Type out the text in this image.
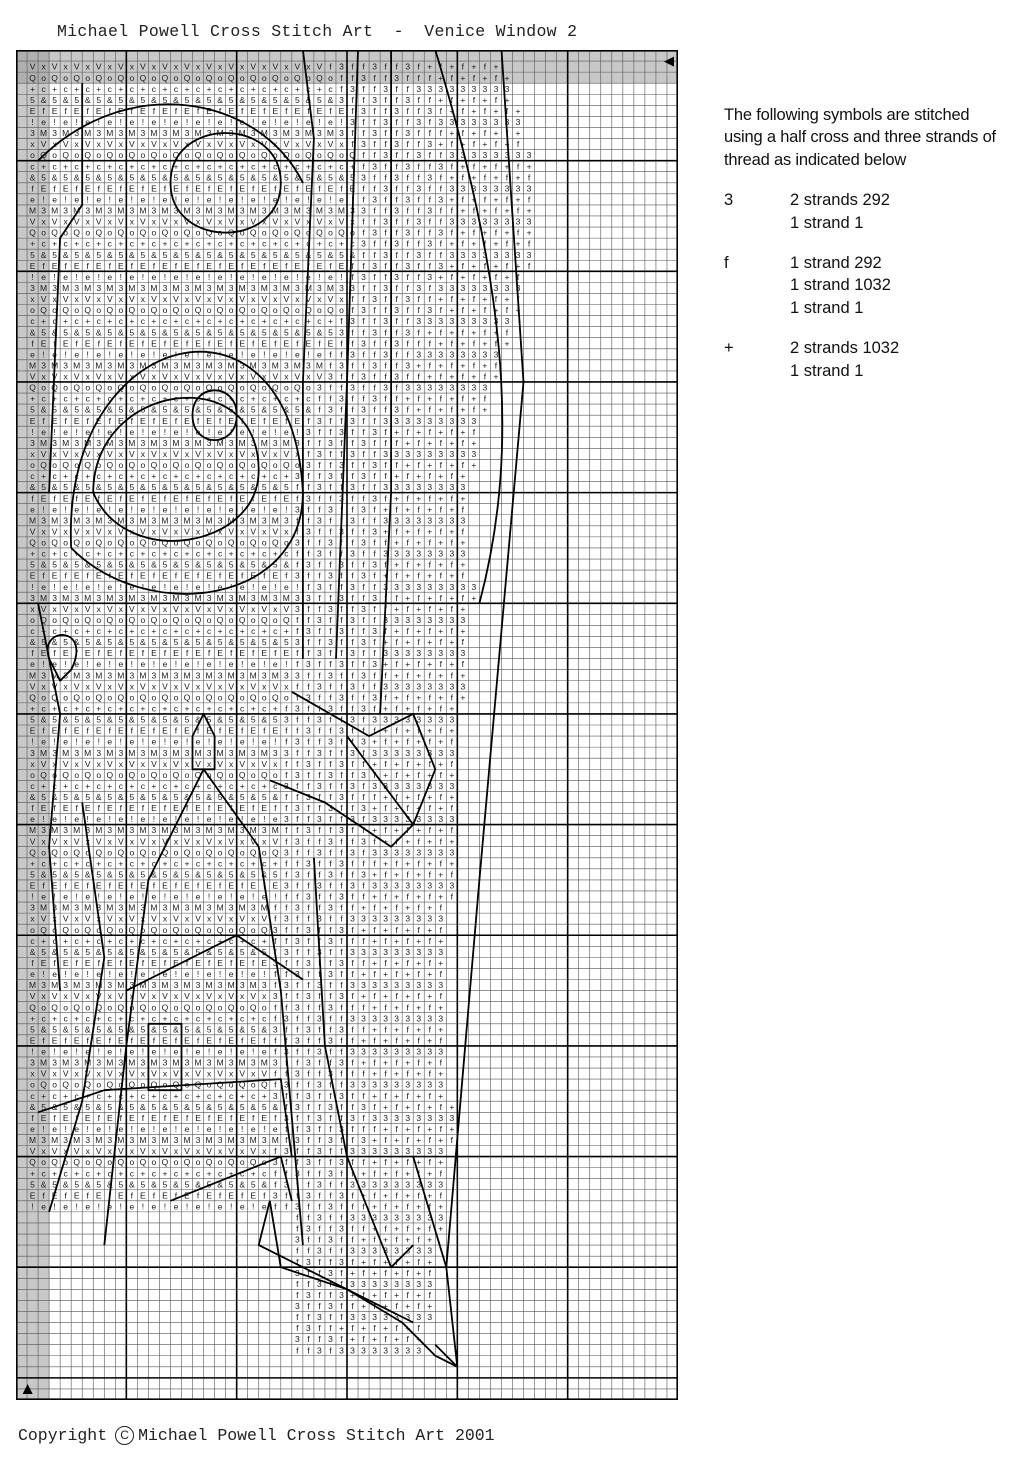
Michael Powell Cross Stitch Art - Venice Window 2
V x V x V x V x V x V x V x V x V x V x V x V x V x V f 3 f f 3 f f 3 f + f + f + f +
Q o Q o Q o Q o Q o Q o Q o Q o Q o Q o Q o Q o Q o Q o f f 3 f f 3 f f f + f + f + f +
+ c + c + c + c + c + c + c + c + c + c + c + c + c + c f 3 f f 3 f f 3 3 3 3 3 3 3 3 3
5 & 5 & 5 & 5 & 5 & 5 & 5 & 5 & 5 & 5 & 5 & 5 & 5 & 5 & 3 f f 3 f f 3 f f + f + f + f +
E f E f E f E f E f E f E f E f E f E f E f E f E f E f E f 3 f f 3 f f 3 f + f + f + f +
! e ! e ! e ! e ! e ! e ! e ! e ! e ! e ! e ! e ! e ! e ! 3 f f 3 f f 3 f 3 3 3 3 3 3 3 3
3 M 3 M 3 M 3 M 3 M 3 M 3 M 3 M 3 M 3 M 3 M 3 M 3 M 3 M 3 f f 3 f f 3 f f f + f + f + f +
x V x V x V x V x V x V x V x V x V x V x V x V x V x V x f 3 f f 3 f f 3 + f + f + f + f
o Q o Q o Q o Q o Q o Q o Q o Q o Q o Q o Q o Q o Q o Q o Q f f 3 f f 3 f f 3 3 3 3 3 3 3 3
c + c + c + c + c + c + c + c + c + c + c + c + c + c + c + f 3 f f 3 f f 3 f + f + f + f +
& 5 & 5 & 5 & 5 & 5 & 5 & 5 & 5 & 5 & 5 & 5 & 5 & 5 & 5 & 5 3 f f 3 f f 3 f + f + f + f + f
f E f E f E f E f E f E f E f E f E f E f E f E f E f E f E f f 3 f f 3 f f 3 3 3 3 3 3 3 3
e ! e ! e ! e ! e ! e ! e ! e ! e ! e ! e ! e ! e ! e ! e ! f 3 f f 3 f f 3 + f + f + f + f
M 3 M 3 M 3 M 3 M 3 M 3 M 3 M 3 M 3 M 3 M 3 M 3 M 3 M 3 M 3 3 f f 3 f f 3 f f + f + f + f +
V x V x V x V x V x V x V x V x V x V x V x V x V x V x V x f f 3 f f 3 f f 3 3 3 3 3 3 3 3
Q o Q o Q o Q o Q o Q o Q o Q o Q o Q o Q o Q o Q o Q o Q o f 3 f f 3 f f 3 f + f + f + f +
+ c + c + c + c + c + c + c + c + c + c + c + c + c + c + c 3 f f 3 f f 3 f + f + f + f + f
5 & 5 & 5 & 5 & 5 & 5 & 5 & 5 & 5 & 5 & 5 & 5 & 5 & 5 & 5 & f f 3 f f 3 f f 3 3 3 3 3 3 3 3
E f E f E f E f E f E f E f E f E f E f E f E f E f E f E f f 3 f f 3 f f 3 + f + f + f + f
! e ! e ! e ! e ! e ! e ! e ! e ! e ! e ! e ! e ! e ! e ! f 3 f f 3 f f 3 + f + f + f + f
3 M 3 M 3 M 3 M 3 M 3 M 3 M 3 M 3 M 3 M 3 M 3 M 3 M 3 M 3 3 f f 3 f f 3 f 3 3 3 3 3 3 3 3
x V x V x V x V x V x V x V x V x V x V x V x V x V x V x f f 3 f f 3 f f + f + f + f + f
o Q o Q o Q o Q o Q o Q o Q o Q o Q o Q o Q o Q o Q o Q o f 3 f f 3 f f 3 f + f + f + f +
c + c + c + c + c + c + c + c + c + c + c + c + c + c + f 3 f f 3 f f 3 3 3 3 3 3 3 3 3
& 5 & 5 & 5 & 5 & 5 & 5 & 5 & 5 & 5 & 5 & 5 & 5 & 5 & 5 3 f f 3 f f 3 f + f + f + f + f
f E f E f E f E f E f E f E f E f E f E f E f E f E f E f f 3 f f 3 f f f + f + f + f +
e ! e ! e ! e ! e ! e ! e ! e ! e ! e ! e ! e ! e ! e f f 3 f f 3 f f 3 3 3 3 3 3 3 3
M 3 M 3 M 3 M 3 M 3 M 3 M 3 M 3 M 3 M 3 M 3 M 3 M 3 M f 3 f f 3 f f 3 + f + f + f + f
V x V x V x V x V x V x V x V x V x V x V x V x V x V 3 f f 3 f f 3 f f + f + f + f +
Q o Q o Q o Q o Q o Q o Q o Q o Q o Q o Q o Q o Q o 3 f f 3 f f 3 f 3 3 3 3 3 3 3 3
+ c + c + c + c + c + c + c + c + c + c + c + c + c f f 3 f f 3 f f + f + f + f + f
5 & 5 & 5 & 5 & 5 & 5 & 5 & 5 & 5 & 5 & 5 & 5 & 5 & f 3 f f 3 f f 3 f + f + f + f +
E f E f E f E f E f E f E f E f E f E f E f E f E f 3 f f 3 f f 3 3 3 3 3 3 3 3 3
! e ! e ! e ! e ! e ! e ! e ! e ! e ! e ! e ! e ! 3 f f 3 f f 3 f + f + f + f + f
3 M 3 M 3 M 3 M 3 M 3 M 3 M 3 M 3 M 3 M 3 M 3 M 3 f f 3 f f 3 f f f + f + f + f +
x V x V x V x V x V x V x V x V x V x V x V x V x f 3 f f 3 f f 3 3 3 3 3 3 3 3 3
o Q o Q o Q o Q o Q o Q o Q o Q o Q o Q o Q o Q o 3 f f 3 f f 3 f f + f + f + f +
c + c + c + c + c + c + c + c + c + c + c + c + 3 f f 3 f f 3 f f + f + f + f +
& 5 & 5 & 5 & 5 & 5 & 5 & 5 & 5 & 5 & 5 & 5 & 5 f f 3 f f 3 f f 3 3 3 3 3 3 3 3
f E f E f E f E f E f E f E f E f E f E f E f E f 3 f f 3 f f 3 f + f + f + f +
e ! e ! e ! e ! e ! e ! e ! e ! e ! e ! e ! e ! 3 f f 3 f f 3 f + f + f + f + f
M 3 M 3 M 3 M 3 M 3 M 3 M 3 M 3 M 3 M 3 M 3 M 3 f f 3 f f 3 f f 3 3 3 3 3 3 3 3
V x V x V x V x V x V x V x V x V x V x V x V x f 3 f f 3 f f 3 + f + f + f + f
Q o Q o Q o Q o Q o Q o Q o Q o Q o Q o Q o Q o 3 f f 3 f f 3 f f + f + f + f +
+ c + c + c + c + c + c + c + c + c + c + c + c f f 3 f f 3 f f 3 3 3 3 3 3 3 3
5 & 5 & 5 & 5 & 5 & 5 & 5 & 5 & 5 & 5 & 5 & 5 & f 3 f f 3 f f 3 f + f + f + f +
E f E f E f E f E f E f E f E f E f E f E f E f 3 f f 3 f f 3 f + f + f + f + f
! e ! e ! e ! e ! e ! e ! e ! e ! e ! e ! e ! e ! f 3 f f 3 f f 3 3 3 3 3 3 3 3 3
3 M 3 M 3 M 3 M 3 M 3 M 3 M 3 M 3 M 3 M 3 M 3 M 3 3 f f 3 f f 3 f f + f + f + f +
x V x V x V x V x V x V x V x V x V x V x V x V 3 f f 3 f f 3 f f + f + f + f +
o Q o Q o Q o Q o Q o Q o Q o Q o Q o Q o Q o Q f f 3 f f 3 f f 3 3 3 3 3 3 3 3
c + c + c + c + c + c + c + c + c + c + c + c + f 3 f f 3 f f 3 f + f + f + f +
& 5 & 5 & 5 & 5 & 5 & 5 & 5 & 5 & 5 & 5 & 5 & 5 3 f f 3 f f 3 f + f + f + f + f
f E f E f E f E f E f E f E f E f E f E f E f E f f 3 f f 3 f f 3 3 3 3 3 3 3 3
e ! e ! e ! e ! e ! e ! e ! e ! e ! e ! e ! e ! f 3 f f 3 f f 3 + f + f + f + f
M 3 M 3 M 3 M 3 M 3 M 3 M 3 M 3 M 3 M 3 M 3 M 3 3 f f 3 f f 3 f f + f + f + f +
V x V x V x V x V x V x V x V x V x V x V x V x f f 3 f f 3 f f 3 3 3 3 3 3 3 3
Q o Q o Q o Q o Q o Q o Q o Q o Q o Q o Q o Q o f 3 f f 3 f f 3 f + f + f + f +
+ c + c + c + c + c + c + c + c + c + c + c + f 3 f f 3 f f 3 f + f + f + f +
5 & 5 & 5 & 5 & 5 & 5 & 5 & 5 & 5 & 5 & 5 & 5 3 f f 3 f f 3 f 3 3 3 3 3 3 3 3
E f E f E f E f E f E f E f E f E f E f E f E f f 3 f f 3 f f f + f + f + f +
! e ! e ! e ! e ! e ! e ! e ! e ! e ! e ! e ! f 3 f f 3 f f 3 + f + f + f + f
3 M 3 M 3 M 3 M 3 M 3 M 3 M 3 M 3 M 3 M 3 M 3 3 f f 3 f f 3 f 3 3 3 3 3 3 3 3
x V x V x V x V x V x V x V x V x V x V x V x f f 3 f f 3 f f + f + f + f + f
o Q o Q o Q o Q o Q o Q o Q o Q o Q o Q o Q o f 3 f f 3 f f 3 f + f + f + f +
c + c + c + c + c + c + c + c + c + c + c + c 3 f f 3 f f 3 f 3 3 3 3 3 3 3 3
& 5 & 5 & 5 & 5 & 5 & 5 & 5 & 5 & 5 & 5 & 5 & f f 3 f f 3 f f f + f + f + f +
f E f E f E f E f E f E f E f E f E f E f E f f 3 f f 3 f f 3 + f + f + f + f
e ! e ! e ! e ! e ! e ! e ! e ! e ! e ! e ! e 3 f f 3 f f 3 f 3 3 3 3 3 3 3 3
M 3 M 3 M 3 M 3 M 3 M 3 M 3 M 3 M 3 M 3 M 3 M f f 3 f f 3 f f + f + f + f + f
V x V x V x V x V x V x V x V x V x V x V x V f 3 f f 3 f f 3 f + f + f + f +
Q o Q o Q o Q o Q o Q o Q o Q o Q o Q o Q o Q 3 f f 3 f f 3 f 3 3 3 3 3 3 3 3
+ c + c + c + c + c + c + c + c + c + c + c + f f 3 f f 3 f f f + f + f + f +
5 & 5 & 5 & 5 & 5 & 5 & 5 & 5 & 5 & 5 & 5 & 5 f 3 f f 3 f f 3 + f + f + f + f
E f E f E f E f E f E f E f E f E f E f E f E 3 f f 3 f f 3 f 3 3 3 3 3 3 3 3
! e ! e ! e ! e ! e ! e ! e ! e ! e ! e ! e ! f f 3 f f 3 f f + f + f + f + f
3 M 3 M 3 M 3 M 3 M 3 M 3 M 3 M 3 M 3 M 3 M f f 3 f f 3 f f + f + f + f + f
x V x V x V x V x V x V x V x V x V x V x V f 3 f f 3 f f 3 3 3 3 3 3 3 3 3
o Q o Q o Q o Q o Q o Q o Q o Q o Q o Q o Q 3 f f 3 f f 3 f + f + f + f + f
c + c + c + c + c + c + c + c + c + c + c + f f 3 f f 3 f f f + f + f + f +
& 5 & 5 & 5 & 5 & 5 & 5 & 5 & 5 & 5 & 5 & 5 f 3 f f 3 f f 3 3 3 3 3 3 3 3 3
f E f E f E f E f E f E f E f E f E f E f E 3 f f 3 f f 3 f f + f + f + f +
e ! e ! e ! e ! e ! e ! e ! e ! e ! e ! e ! f f 3 f f 3 f f + f + f + f + f
M 3 M 3 M 3 M 3 M 3 M 3 M 3 M 3 M 3 M 3 M 3 f 3 f f 3 f f 3 3 3 3 3 3 3 3 3
V x V x V x V x V x V x V x V x V x V x V x 3 f f 3 f f 3 f + f + f + f + f
Q o Q o Q o Q o Q o Q o Q o Q o Q o Q o Q o f f 3 f f 3 f f f + f + f + f +
+ c + c + c + c + c + c + c + c + c + c + c f 3 f f 3 f f 3 3 3 3 3 3 3 3 3
5 & 5 & 5 & 5 & 5 & 5 & 5 & 5 & 5 & 5 & 5 & 3 f f 3 f f 3 f f + f + f + f +
E f E f E f E f E f E f E f E f E f E f E f f f 3 f f 3 f f + f + f + f + f
! e ! e ! e ! e ! e ! e ! e ! e ! e ! e ! e f 3 f f 3 f f 3 3 3 3 3 3 3 3 3
3 M 3 M 3 M 3 M 3 M 3 M 3 M 3 M 3 M 3 M 3 M 3 f f 3 f f 3 f + f + f + f + f
x V x V x V x V x V x V x V x V x V x V x V f f 3 f f 3 f f f + f + f + f +
o Q o Q o Q o Q o Q o Q o Q o Q o Q o Q o Q f 3 f f 3 f f 3 3 3 3 3 3 3 3 3
c + c + c + c + c + c + c + c + c + c + c + 3 f f 3 f f 3 f f + f + f + f +
& 5 & 5 & 5 & 5 & 5 & 5 & 5 & 5 & 5 & 5 & 5 & f 3 f f 3 f f 3 f + f + f + f +
f E f E f E f E f E f E f E f E f E f E f E f 3 f f 3 f f 3 f 3 3 3 3 3 3 3 3
e ! e ! e ! e ! e ! e ! e ! e ! e ! e ! e ! e f f 3 f f 3 f f f + f + f + f +
M 3 M 3 M 3 M 3 M 3 M 3 M 3 M 3 M 3 M 3 M 3 M f 3 f f 3 f f 3 + f + f + f + f
V x V x V x V x V x V x V x V x V x V x V x f 3 f f 3 f f 3 3 3 3 3 3 3 3 3
Q o Q o Q o Q o Q o Q o Q o Q o Q o Q o Q o 3 f f 3 f f 3 f f + f + f + f +
+ c + c + c + c + c + c + c + c + c + c + c f f 3 f f 3 f f + f + f + f + f
5 & 5 & 5 & 5 & 5 & 5 & 5 & 5 & 5 & 5 & 5 & f 3 f f 3 f f 3 3 3 3 3 3 3 3 3
E f E f E f E f E f E f E f E f E f E f E f 3 f f 3 f f 3 f + f + f + f + f
! e ! e ! e ! e ! e ! e ! e ! e ! e ! e ! e f f 3 f f 3 f f f + f + f + f +
f f 3 f f 3 3 3 3 3 3 3 3 3
f 3 f f 3 f f + f + f + f +
3 f f 3 f f + f + f + f +
f f 3 f f 3 3 3 3 3 3 3 3
f 3 f f 3 f + f + f + f +
3 f f 3 f + f + f + f + f
f f 3 f f 3 3 3 3 3 3 3 3
f 3 f f 3 + f + f + f + f
3 f f 3 f f + f + f + f +
f f 3 f f 3 3 3 3 3 3 3 3
f 3 f f + f + f + f + f
3 f f 3 f + f + f + f +
f f 3 f 3 3 3 3 3 3 3 3

The following symbols are stitched using a half cross and three strands of thread as indicated below

3	2 strands 292
1 strand 1
f	1 strand 292
1 strand 1032
1 strand 1
+	2 strands 1032
1 strand 1
Copyright	C Michael Powell Cross Stitch Art 2001
